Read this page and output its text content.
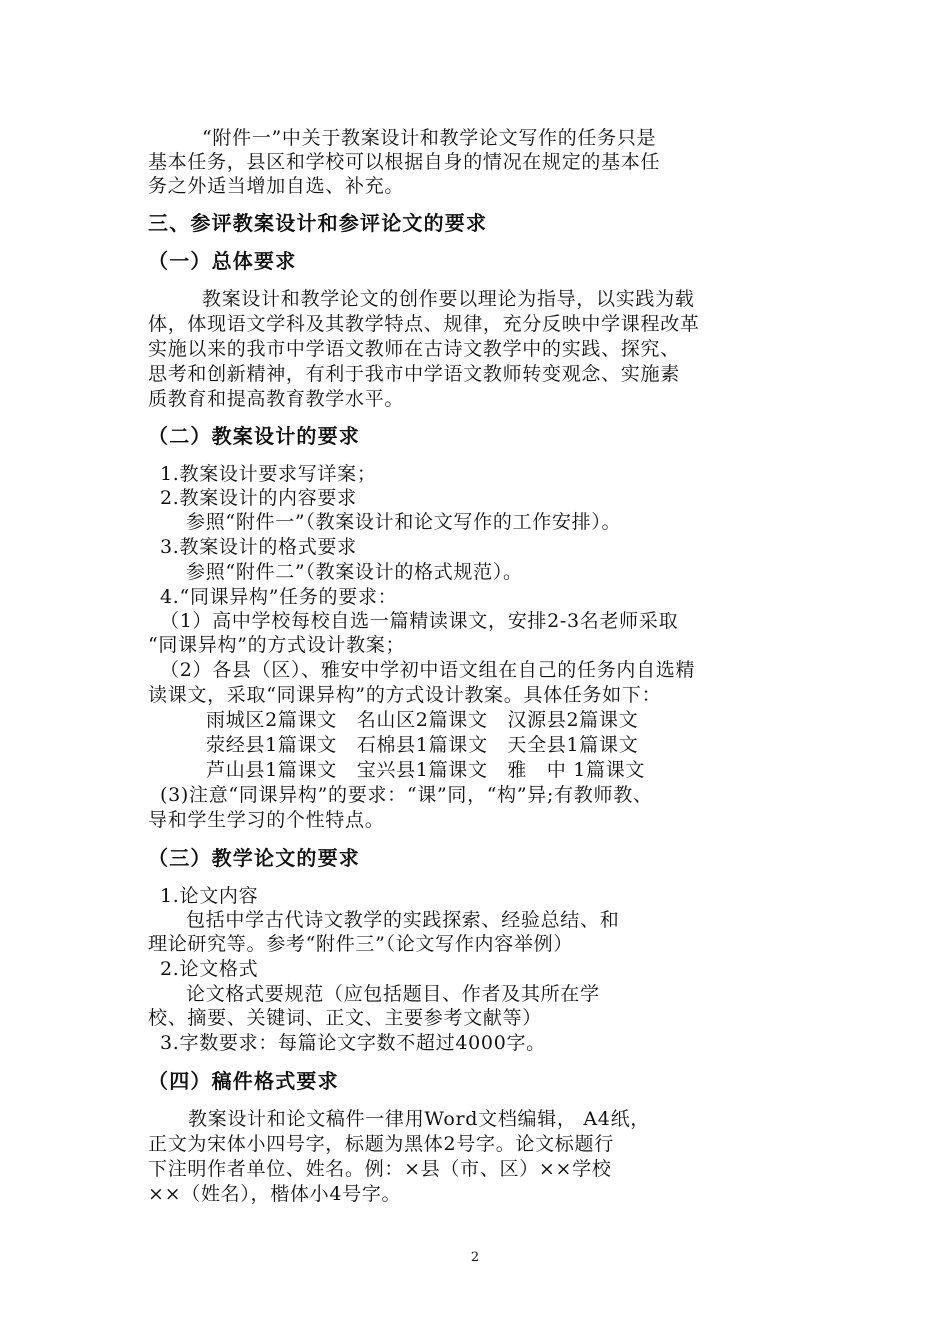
“附件一”中关于教案设计和教学论文写作的任务只是
基本任务，县区和学校可以根据自身的情况在规定的基本任
务之外适当增加自选、补充。
三、参评教案设计和参评论文的要求
（一）总体要求
教案设计和教学论文的创作要以理论为指导，以实践为载
体，体现语文学科及其教学特点、规律，充分反映中学课程改革
实施以来的我市中学语文教师在古诗文教学中的实践、探究、
思考和创新精神，有利于我市中学语文教师转变观念、实施素
质教育和提高教育教学水平。
（二）教案设计的要求
1.教案设计要求写详案；
2.教案设计的内容要求
参照“附件一”（教案设计和论文写作的工作安排）。
3.教案设计的格式要求
参照“附件二”（教案设计的格式规范）。
4.“同课异构”任务的要求：
（1）高中学校每校自选一篇精读课文，安排2-3名老师采取
“同课异构”的方式设计教案；
（2）各县（区）、雅安中学初中语文组在自己的任务内自选精
读课文，采取“同课异构”的方式设计教案。具体任务如下：
雨城区2篇课文　名山区2篇课文　汉源县2篇课文
荥经县1篇课文　石棉县1篇课文　天全县1篇课文
芦山县1篇课文　宝兴县1篇课文　雅　中 1篇课文
(3)注意“同课异构”的要求：“课”同，“构”异;有教师教、
导和学生学习的个性特点。
（三）教学论文的要求
1.论文内容
包括中学古代诗文教学的实践探索、经验总结、和
理论研究等。参考“附件三”（论文写作内容举例）
2.论文格式
论文格式要规范（应包括题目、作者及其所在学
校、摘要、关键词、正文、主要参考文献等）
3.字数要求：每篇论文字数不超过4000字。
（四）稿件格式要求
教案设计和论文稿件一律用Word文档编辑， A4纸，
正文为宋体小四号字，标题为黑体2号字。论文标题行
下注明作者单位、姓名。例：×县（市、区）××学校
××（姓名），楷体小4号字。
2
